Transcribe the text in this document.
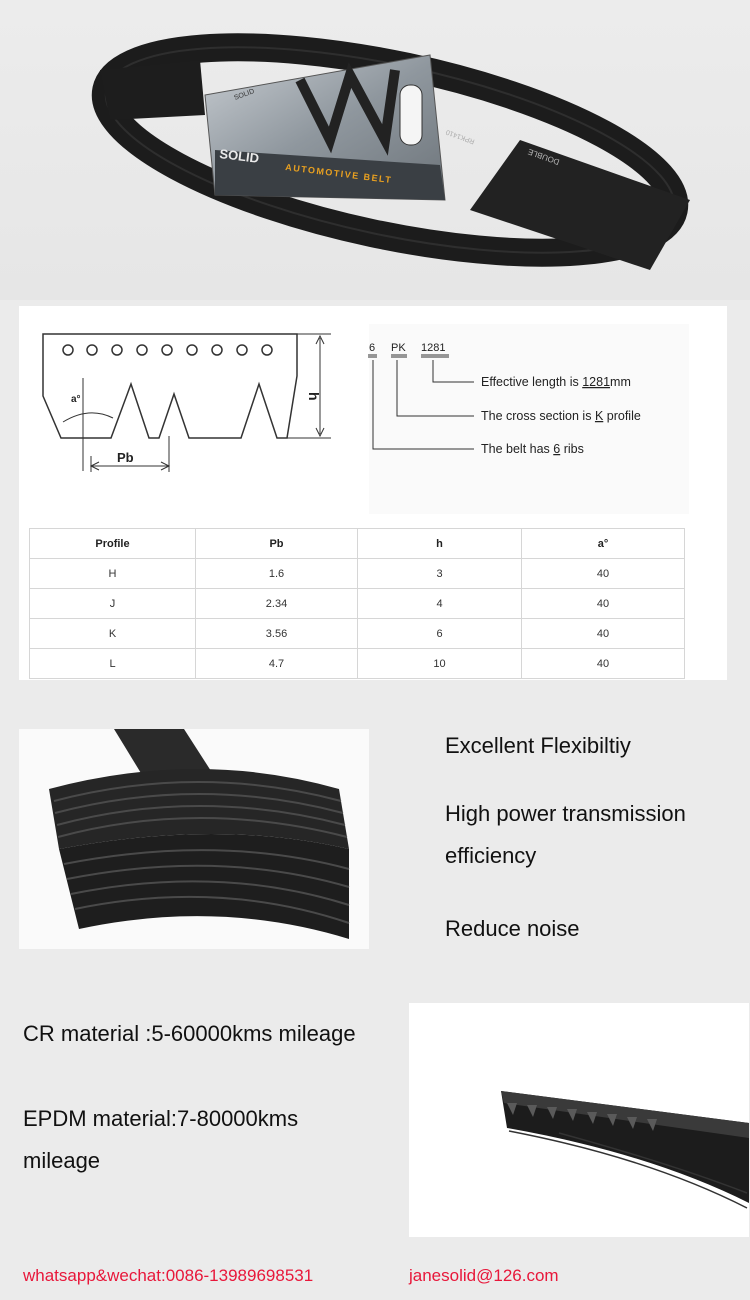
SOLID
AUTOMOTIVE BELT
SOLID
DOUBLE
RPK1410
h
a°
Pb
6 PK 1281
Effective length is 1281mm
The cross section is K profile
The belt has 6 ribs
Profile	Pb	h	a°
H	1.6	3	40
J	2.34	4	40
K	3.56	6	40
L	4.7	10	40
Excellent Flexibiltiy
High power transmission
efficiency
Reduce noise
CR material :5-60000kms mileage
EPDM material:7-80000kms
mileage
whatsapp&wechat:0086-13989698531	janesolid@126.com
